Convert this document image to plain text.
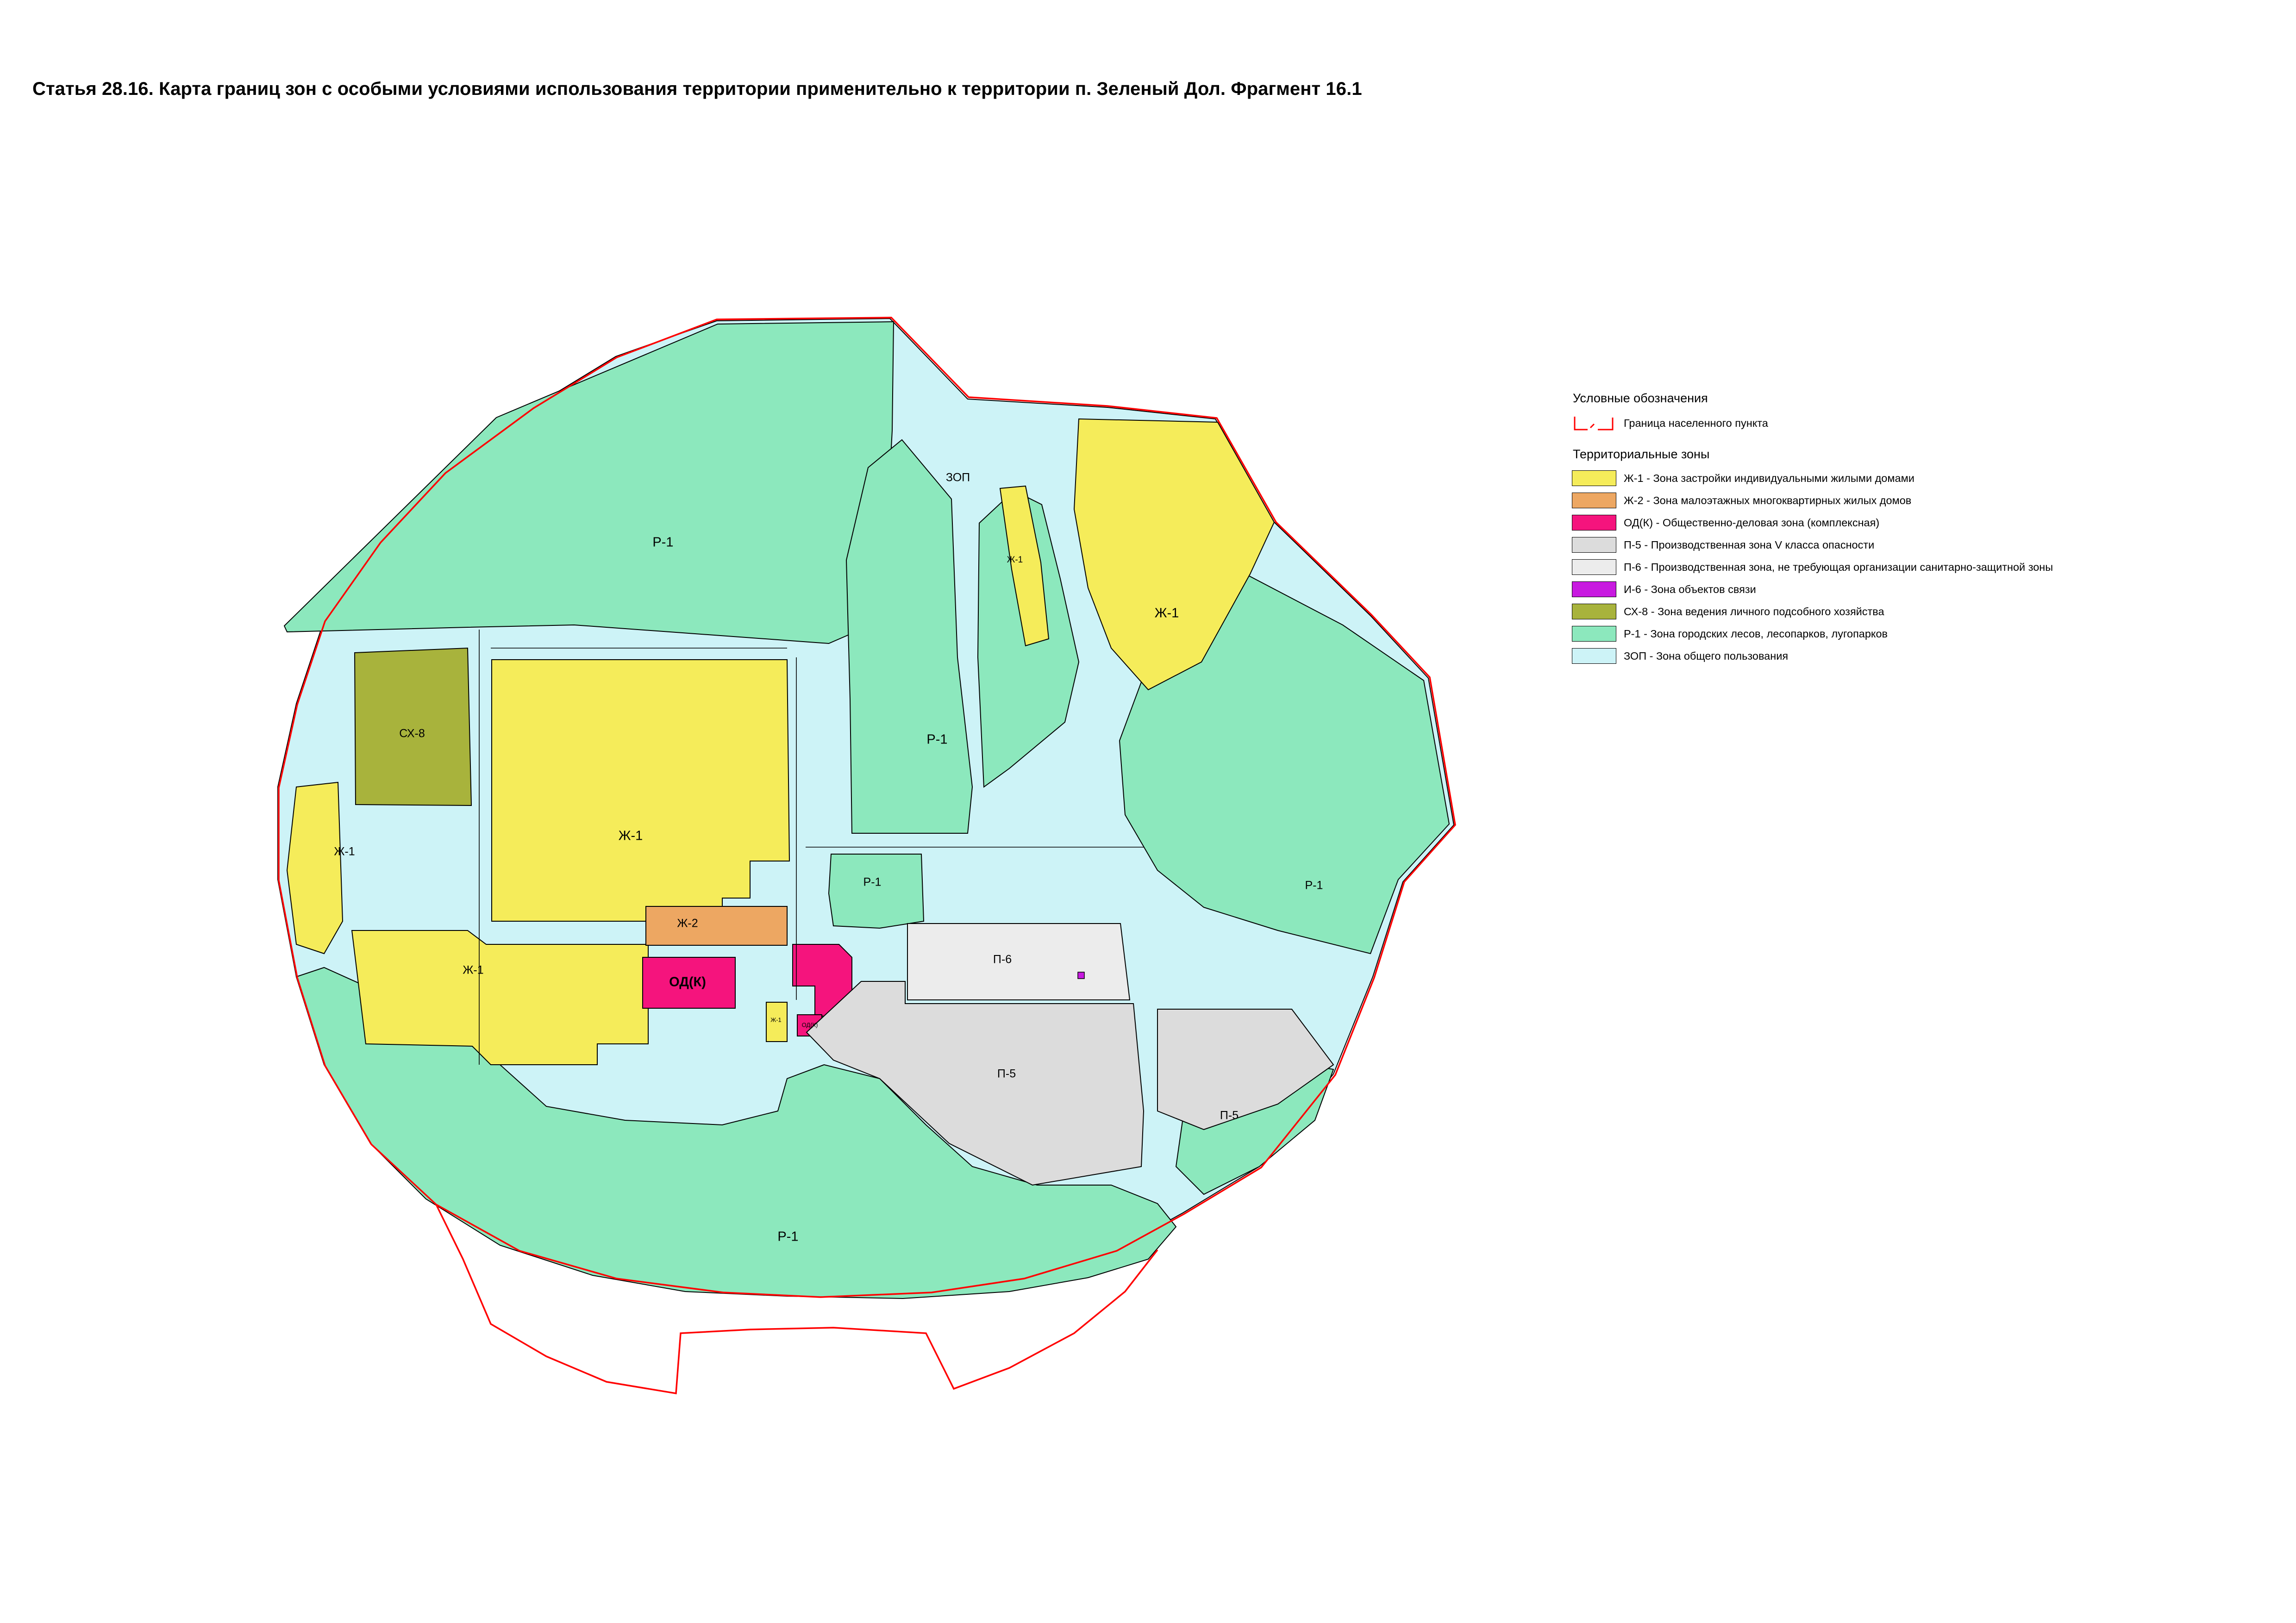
Статья 28.16. Карта границ зон с особыми условиями использования территории применительно к территории п. Зеленый Дол. Фрагмент 16.1
Р-1
ЗОП
Ж-1
Ж-1
Р-1
СХ-8
Ж-1
Ж-1
Р-1
Ж-2
Р-1
П-6
Ж-1
ОД(К)
Ж-1
ОД(К)
П-5
П-5
Р-1
Условные обозначения
Граница населенного пункта
Территориальные зоны
Ж-1 - Зона застройки индивидуальными жилыми домами
Ж-2 - Зона малоэтажных многоквартирных жилых домов
ОД(К) - Общественно-деловая зона (комплексная)
П-5 - Производственная зона V класса опасности
П-6 - Производственная зона, не требующая организации санитарно-защитной зоны
И-6 - Зона объектов связи
СХ-8 - Зона ведения личного подсобного хозяйства
Р-1 - Зона городских лесов, лесопарков, лугопарков
ЗОП - Зона общего пользования
